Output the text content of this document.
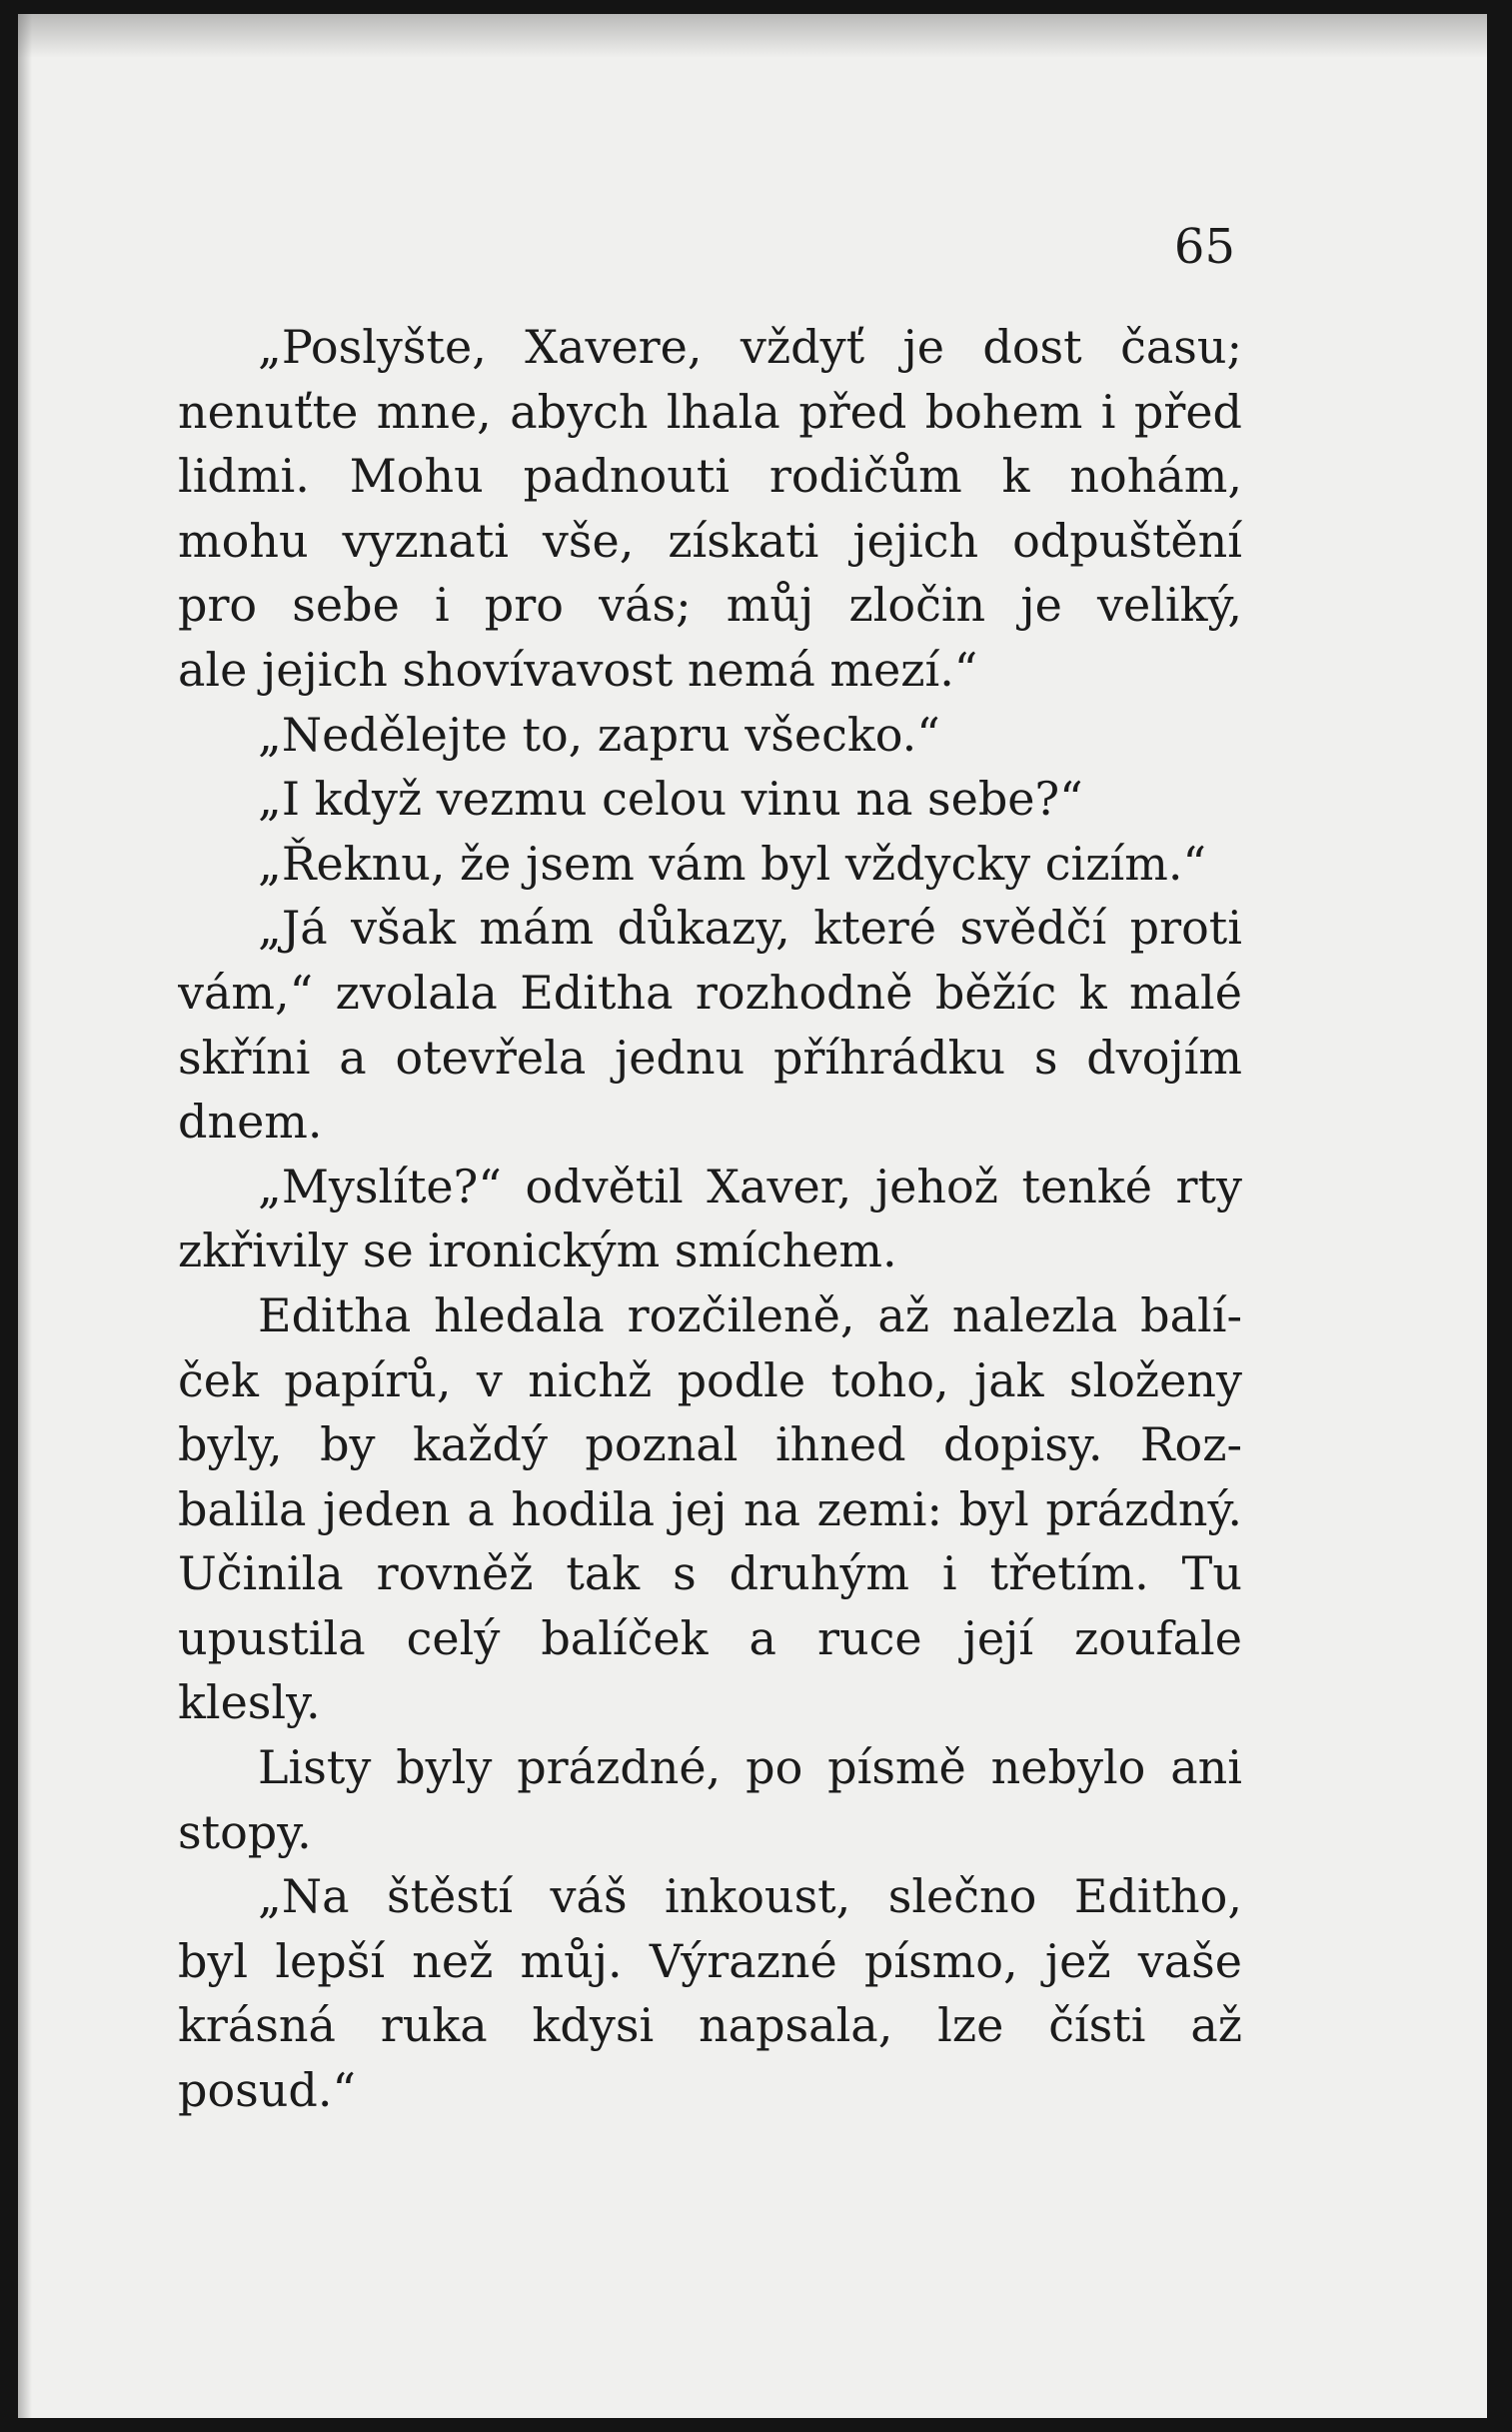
65
„Poslyšte, Xavere, vždyť je dost času;
nenuťte mne, abych lhala před bohem i před
lidmi. Mohu padnouti rodičům k nohám,
mohu vyznati vše, získati jejich odpuštění
pro sebe i pro vás; můj zločin je veliký,
ale jejich shovívavost nemá mezí.“
„Nedělejte to, zapru všecko.“
„I když vezmu celou vinu na sebe?“
„Řeknu, že jsem vám byl vždycky cizím.“
„Já však mám důkazy, které svědčí proti
vám,“ zvolala Editha rozhodně běžíc k malé
skříni a otevřela jednu příhrádku s dvojím
dnem.
„Myslíte?“ odvětil Xaver, jehož tenké rty
zkřivily se ironickým smíchem.
Editha hledala rozčileně, až nalezla balí-
ček papírů, v nichž podle toho, jak složeny
byly, by každý poznal ihned dopisy. Roz-
balila jeden a hodila jej na zemi: byl prázdný.
Učinila rovněž tak s druhým i třetím. Tu
upustila celý balíček a ruce její zoufale
klesly.
Listy byly prázdné, po písmě nebylo ani
stopy.
„Na štěstí váš inkoust, slečno Editho,
byl lepší než můj. Výrazné písmo, jež vaše
krásná ruka kdysi napsala, lze čísti až
posud.“
